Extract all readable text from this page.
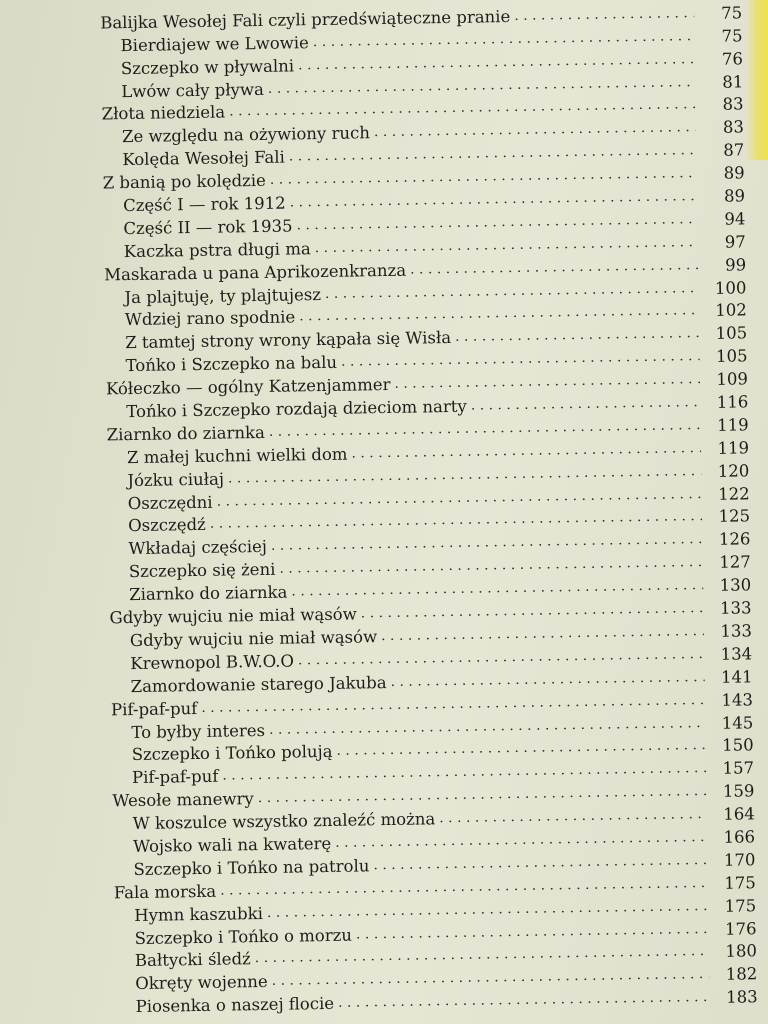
Balijka Wesołej Fali czyli przedświąteczne pranie . . .	75
Bierdiajew we Lwowie . . .	75
Szczepko w pływalni . . .	76
Lwów cały pływa . . .	81
Złota niedziela . . .	83
Ze względu na ożywiony ruch . . .	83
Kolęda Wesołej Fali . . .	87
Z banią po kolędzie . . .	89
Część I — rok 1912 . . .	89
Część II — rok 1935 . . .	94
Kaczka pstra długi ma . . .	97
Maskarada u pana Aprikozenkranza . . .	99
Ja plajtuję, ty plajtujesz . . .	100
Wdziej rano spodnie . . .	102
Z tamtej strony wrony kąpała się Wisła . . .	105
Tońko i Szczepko na balu . . .	105
Kółeczko — ogólny Katzenjammer . . .	109
Tońko i Szczepko rozdają dzieciom narty . . .	116
Ziarnko do ziarnka . . .	119
Z małej kuchni wielki dom . . .	119
Józku ciułaj . . .	120
Oszczędni . . .	122
Oszczędź . . .	125
Wkładaj częściej . . .	126
Szczepko się żeni . . .	127
Ziarnko do ziarnka . . .	130
Gdyby wujciu nie miał wąsów . . .	133
Gdyby wujciu nie miał wąsów . . .	133
Krewnopol B.W.O.O . . .	134
Zamordowanie starego Jakuba . . .	141
Pif-paf-puf . . .	143
To byłby interes . . .	145
Szczepko i Tońko polują . . .	150
Pif-paf-puf . . .	157
Wesołe manewry . . .	159
W koszulce wszystko znaleźć można . . .	164
Wojsko wali na kwaterę . . .	166
Szczepko i Tońko na patrolu . . .	170
Fala morska . . .	175
Hymn kaszubki . . .	175
Szczepko i Tońko o morzu . . .	176
Bałtycki śledź . . .	180
Okręty wojenne . . .	182
Piosenka o naszej flocie . . .	183
